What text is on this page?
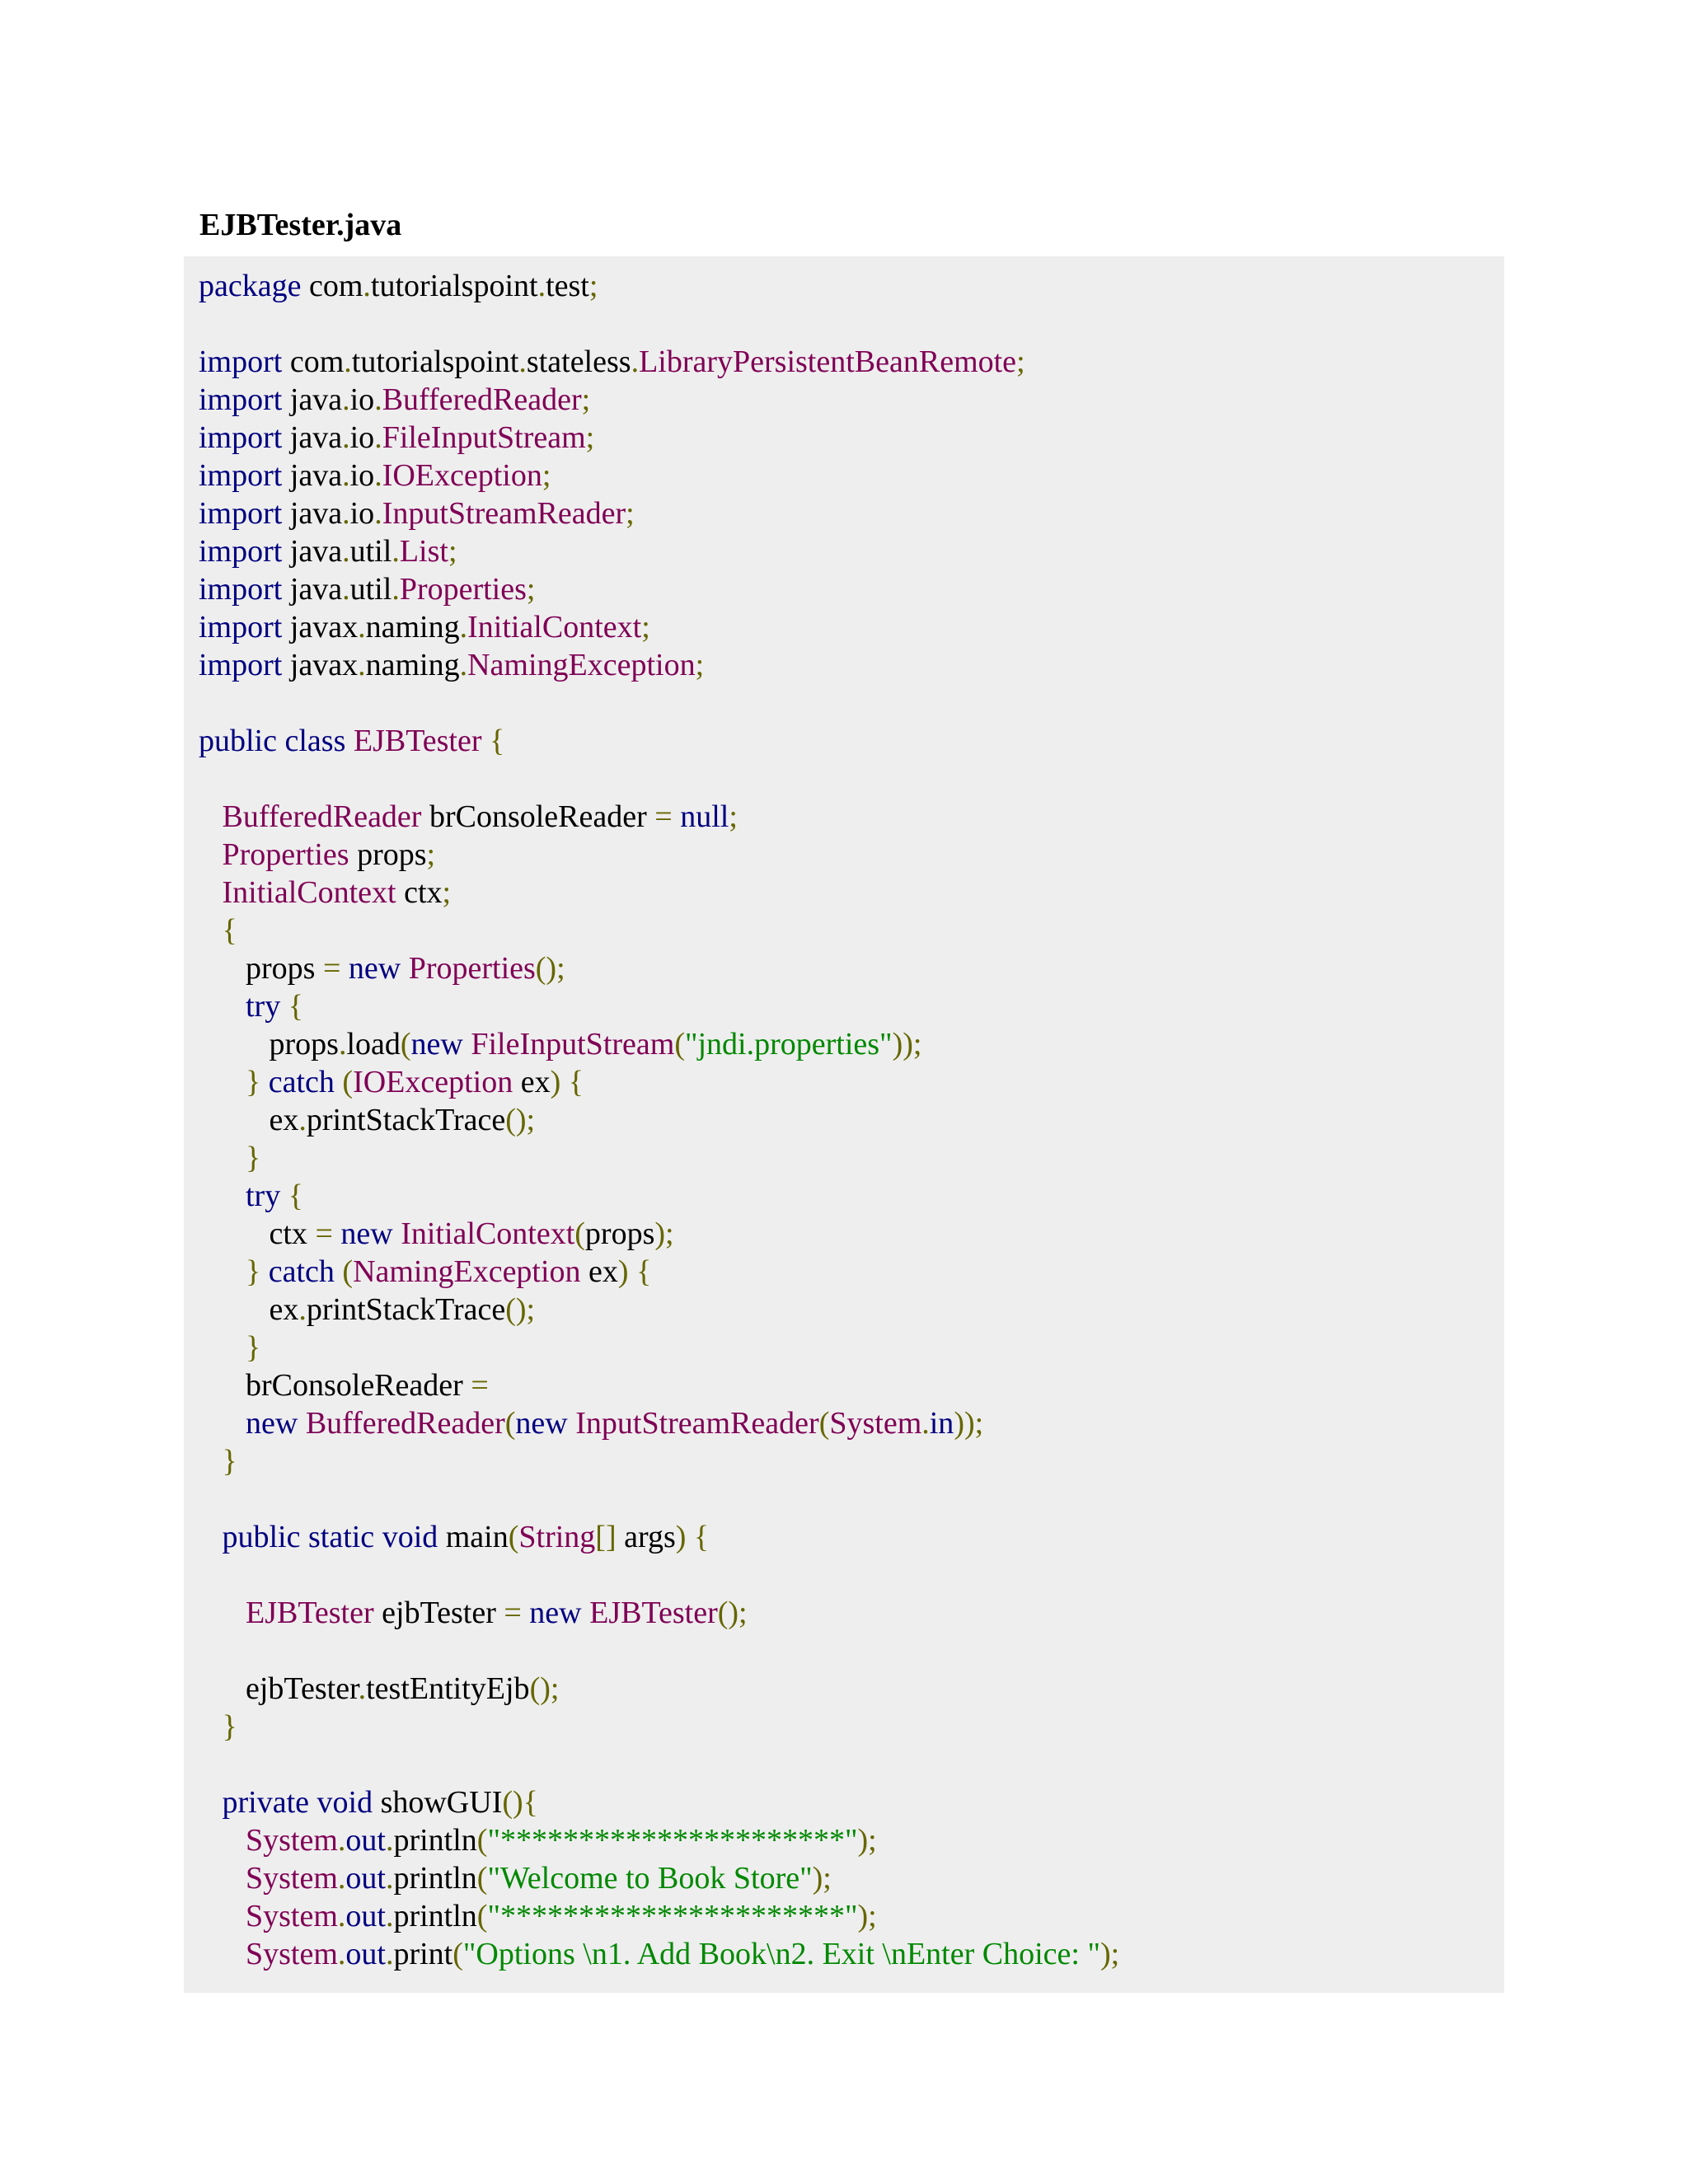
EJBTester.java
package com.tutorialspoint.test;

import com.tutorialspoint.stateless.LibraryPersistentBeanRemote;
import java.io.BufferedReader;
import java.io.FileInputStream;
import java.io.IOException;
import java.io.InputStreamReader;
import java.util.List;
import java.util.Properties;
import javax.naming.InitialContext;
import javax.naming.NamingException;

public class EJBTester {

BufferedReader brConsoleReader = null;
Properties props;
InitialContext ctx;
{
props = new Properties();
try {
props.load(new FileInputStream("jndi.properties"));
} catch (IOException ex) {
ex.printStackTrace();
}
try {
ctx = new InitialContext(props);
} catch (NamingException ex) {
ex.printStackTrace();
}
brConsoleReader =
new BufferedReader(new InputStreamReader(System.in));
}

public static void main(String[] args) {

EJBTester ejbTester = new EJBTester();

ejbTester.testEntityEjb();
}

private void showGUI(){
System.out.println("**********************");
System.out.println("Welcome to Book Store");
System.out.println("**********************");
System.out.print("Options \n1. Add Book\n2. Exit \nEnter Choice: ");
